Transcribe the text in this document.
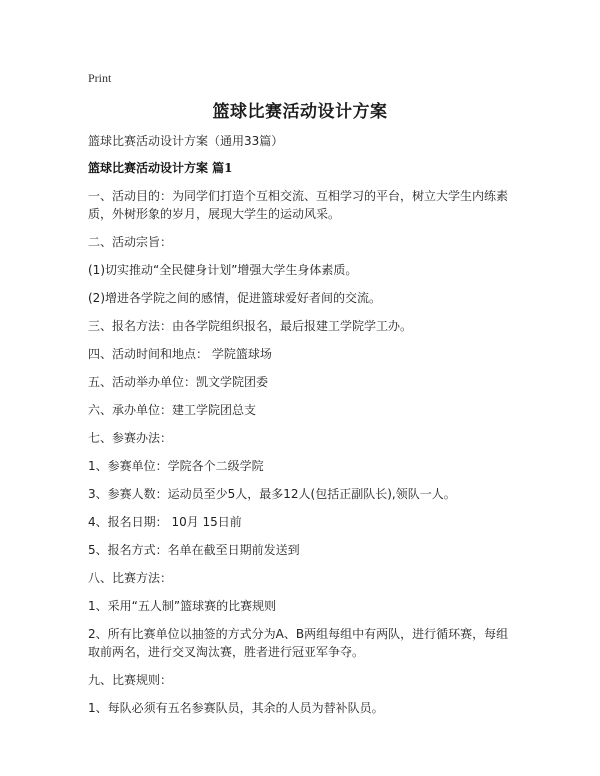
Print
篮球比赛活动设计方案
篮球比赛活动设计方案（通用33篇）
篮球比赛活动设计方案 篇1
一、活动目的：为同学们打造个互相交流、互相学习的平台，树立大学生内练素质，外树形象的岁月，展现大学生的运动风采。
二、活动宗旨：
(1)切实推动“全民健身计划”增强大学生身体素质。
(2)增进各学院之间的感情，促进篮球爱好者间的交流。
三、报名方法：由各学院组织报名，最后报建工学院学工办。
四、活动时间和地点： 学院篮球场
五、活动举办单位：凯文学院团委
六、承办单位：建工学院团总支
七、参赛办法：
1、参赛单位：学院各个二级学院
3、参赛人数：运动员至少5人，最多12人(包括正副队长),领队一人。
4、报名日期： 10月 15日前
5、报名方式：名单在截至日期前发送到
八、比赛方法：
1、采用“五人制”篮球赛的比赛规则
2、所有比赛单位以抽签的方式分为A、B两组每组中有两队，进行循环赛，每组取前两名，进行交叉淘汰赛，胜者进行冠亚军争夺。
九、比赛规则：
1、每队必须有五名参赛队员，其余的人员为替补队员。
